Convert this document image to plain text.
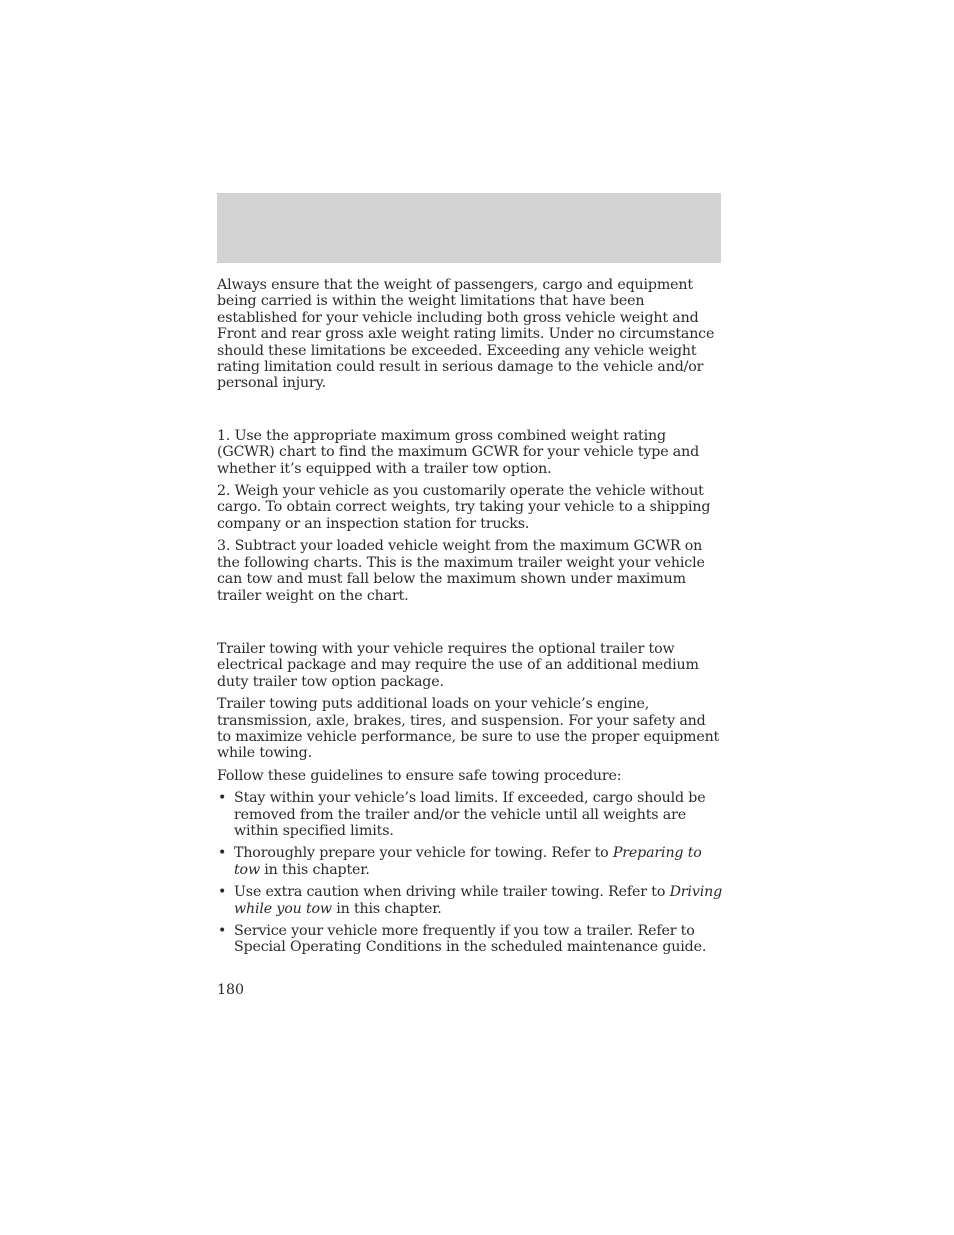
Always ensure that the weight of passengers, cargo and equipment being carried is within the weight limitations that have been established for your vehicle including both gross vehicle weight and Front and rear gross axle weight rating limits. Under no circumstance should these limitations be exceeded. Exceeding any vehicle weight rating limitation could result in serious damage to the vehicle and/or personal injury.

1. Use the appropriate maximum gross combined weight rating (GCWR) chart to find the maximum GCWR for your vehicle type and whether it’s equipped with a trailer tow option.

2. Weigh your vehicle as you customarily operate the vehicle without cargo. To obtain correct weights, try taking your vehicle to a shipping company or an inspection station for trucks.

3. Subtract your loaded vehicle weight from the maximum GCWR on the following charts. This is the maximum trailer weight your vehicle can tow and must fall below the maximum shown under maximum trailer weight on the chart.

Trailer towing with your vehicle requires the optional trailer tow electrical package and may require the use of an additional medium duty trailer tow option package.

Trailer towing puts additional loads on your vehicle’s engine, transmission, axle, brakes, tires, and suspension. For your safety and to maximize vehicle performance, be sure to use the proper equipment while towing.

Follow these guidelines to ensure safe towing procedure:

• Stay within your vehicle’s load limits. If exceeded, cargo should be removed from the trailer and/or the vehicle until all weights are within specified limits.
• Thoroughly prepare your vehicle for towing. Refer to Preparing to tow in this chapter.
• Use extra caution when driving while trailer towing. Refer to Driving while you tow in this chapter.
• Service your vehicle more frequently if you tow a trailer. Refer to Special Operating Conditions in the scheduled maintenance guide.
180
